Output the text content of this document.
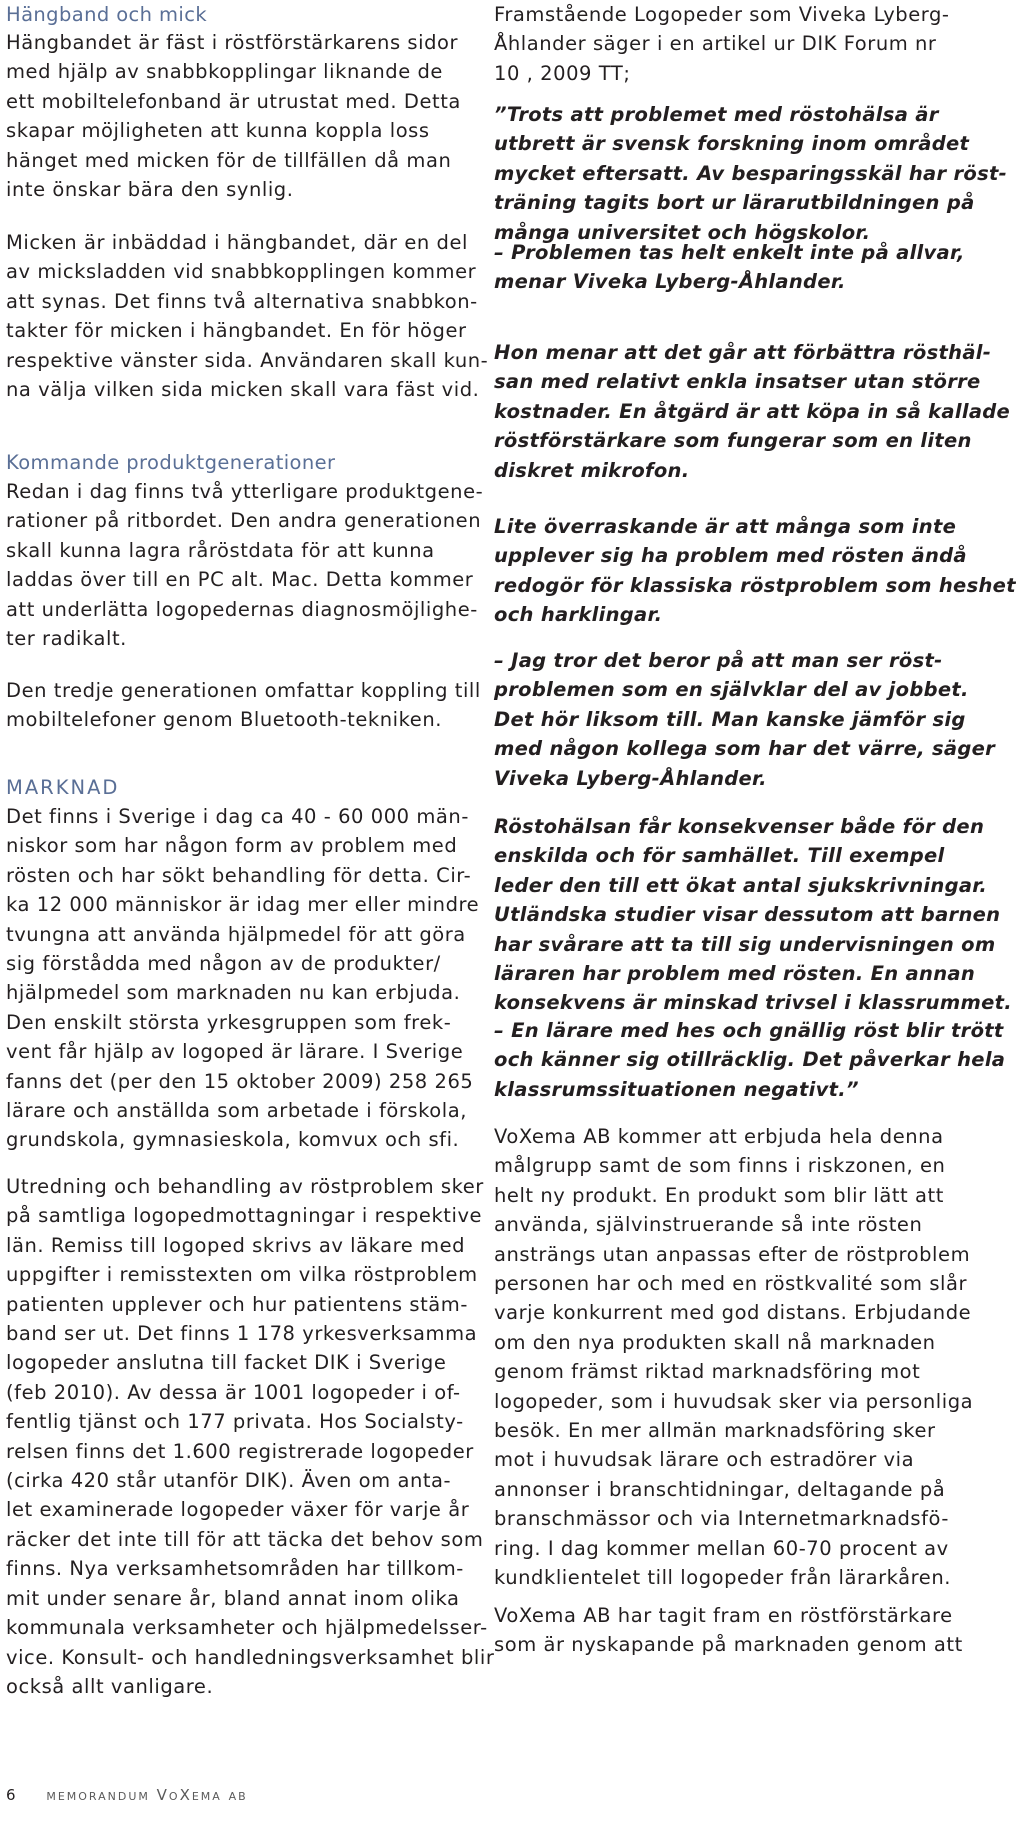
Hängband och mick

Hängbandet är fäst i röstförstärkarens sidor
med hjälp av snabbkopplingar liknande de
ett mobiltelefonband är utrustat med. Detta
skapar möjligheten att kunna koppla loss
hänget med micken för de tillfällen då man
inte önskar bära den synlig.

Micken är inbäddad i hängbandet, där en del
av micksladden vid snabbkopplingen kommer
att synas. Det finns två alternativa snabbkon-
takter för micken i hängbandet. En för höger
respektive vänster sida. Användaren skall kun-
na välja vilken sida micken skall vara fäst vid.

Kommande produktgenerationer

Redan i dag finns två ytterligare produktgene-
rationer på ritbordet. Den andra generationen
skall kunna lagra råröstdata för att kunna
laddas över till en PC alt. Mac. Detta kommer
att underlätta logopedernas diagnosmöjlighe-
ter radikalt.

Den tredje generationen omfattar koppling till
mobiltelefoner genom Bluetooth-tekniken.

MARKNAD

Det finns i Sverige i dag ca 40 - 60 000 män-
niskor som har någon form av problem med
rösten och har sökt behandling för detta. Cir-
ka 12 000 människor är idag mer eller mindre
tvungna att använda hjälpmedel för att göra
sig förstådda med någon av de produkter/
hjälpmedel som marknaden nu kan erbjuda.
Den enskilt största yrkesgruppen som frek-
vent får hjälp av logoped är lärare. I Sverige
fanns det (per den 15 oktober 2009) 258 265
lärare och anställda som arbetade i förskola,
grundskola, gymnasieskola, komvux och sfi.

Utredning och behandling av röstproblem sker
på samtliga logopedmottagningar i respektive
län. Remiss till logoped skrivs av läkare med
uppgifter i remisstexten om vilka röstproblem
patienten upplever och hur patientens stäm-
band ser ut. Det finns 1 178 yrkesverksamma
logopeder anslutna till facket DIK i Sverige
(feb 2010). Av dessa är 1001 logopeder i of-
fentlig tjänst och 177 privata. Hos Socialsty-
relsen finns det 1.600 registrerade logopeder
(cirka 420 står utanför DIK). Även om anta-
let examinerade logopeder växer för varje år
räcker det inte till för att täcka det behov som
finns. Nya verksamhetsområden har tillkom-
mit under senare år, bland annat inom olika
kommunala verksamheter och hjälpmedelsser-
vice. Konsult- och handledningsverksamhet blir
också allt vanligare.

Framstående Logopeder som Viveka Lyberg-
Åhlander säger i en artikel ur DIK Forum nr
10 , 2009 TT;

”Trots att problemet med röstohälsa är
utbrett är svensk forskning inom området
mycket eftersatt. Av besparingsskäl har röst-
träning tagits bort ur lärarutbildningen på
många universitet och högskolor.

– Problemen tas helt enkelt inte på allvar,
menar Viveka Lyberg-Åhlander.

Hon menar att det går att förbättra rösthäl-
san med relativt enkla insatser utan större
kostnader. En åtgärd är att köpa in så kallade
röstförstärkare som fungerar som en liten
diskret mikrofon.

Lite överraskande är att många som inte
upplever sig ha problem med rösten ändå
redogör för klassiska röstproblem som heshet
och harklingar.

– Jag tror det beror på att man ser röst-
problemen som en självklar del av jobbet.
Det hör liksom till. Man kanske jämför sig
med någon kollega som har det värre, säger
Viveka Lyberg-Åhlander.

Röstohälsan får konsekvenser både för den
enskilda och för samhället. Till exempel
leder den till ett ökat antal sjukskrivningar.
Utländska studier visar dessutom att barnen
har svårare att ta till sig undervisningen om
läraren har problem med rösten. En annan
konsekvens är minskad trivsel i klassrummet.

– En lärare med hes och gnällig röst blir trött
och känner sig otillräcklig. Det påverkar hela
klassrumssituationen negativt.”

VoXema AB kommer att erbjuda hela denna
målgrupp samt de som finns i riskzonen, en
helt ny produkt. En produkt som blir lätt att
använda, självinstruerande så inte rösten
ansträngs utan anpassas efter de röstproblem
personen har och med en röstkvalité som slår
varje konkurrent med god distans. Erbjudande
om den nya produkten skall nå marknaden
genom främst riktad marknadsföring mot
logopeder, som i huvudsak sker via personliga
besök. En mer allmän marknadsföring sker
mot i huvudsak lärare och estradörer via
annonser i branschtidningar, deltagande på
branschmässor och via Internetmarknadsfö-
ring. I dag kommer mellan 60-70 procent av
kundklientelet till logopeder från lärarkåren.

VoXema AB har tagit fram en röstförstärkare
som är nyskapande på marknaden genom att

6 memorandum VoXema ab
